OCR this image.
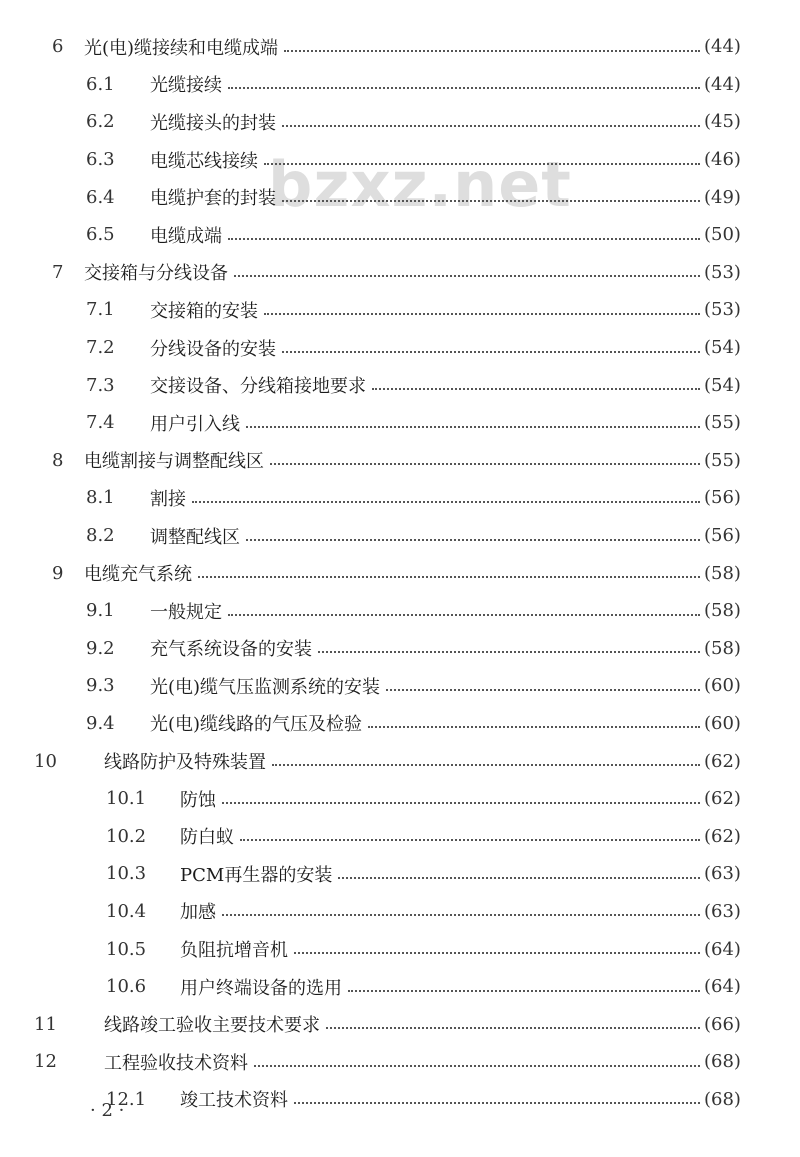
bzxz.net
6 光(电)缆接续和电缆成端	(44)
6.1 光缆接续	(44)
6.2 光缆接头的封装	(45)
6.3 电缆芯线接续	(46)
6.4 电缆护套的封装	(49)
6.5 电缆成端	(50)
7 交接箱与分线设备	(53)
7.1 交接箱的安装	(53)
7.2 分线设备的安装	(54)
7.3 交接设备、分线箱接地要求	(54)
7.4 用户引入线	(55)
8 电缆割接与调整配线区	(55)
8.1 割接	(56)
8.2 调整配线区	(56)
9 电缆充气系统	(58)
9.1 一般规定	(58)
9.2 充气系统设备的安装	(58)
9.3 光(电)缆气压监测系统的安装	(60)
9.4 光(电)缆线路的气压及检验	(60)
10	线路防护及特殊装置	(62)
10.1 防蚀	(62)
10.2 防白蚁	(62)
10.3 PCM再生器的安装	(63)
10.4 加感	(63)
10.5 负阻抗增音机	(64)
10.6 用户终端设备的选用	(64)
11	线路竣工验收主要技术要求	(66)
12	工程验收技术资料	(68)
12.1 竣工技术资料	(68)
· 2 ·
